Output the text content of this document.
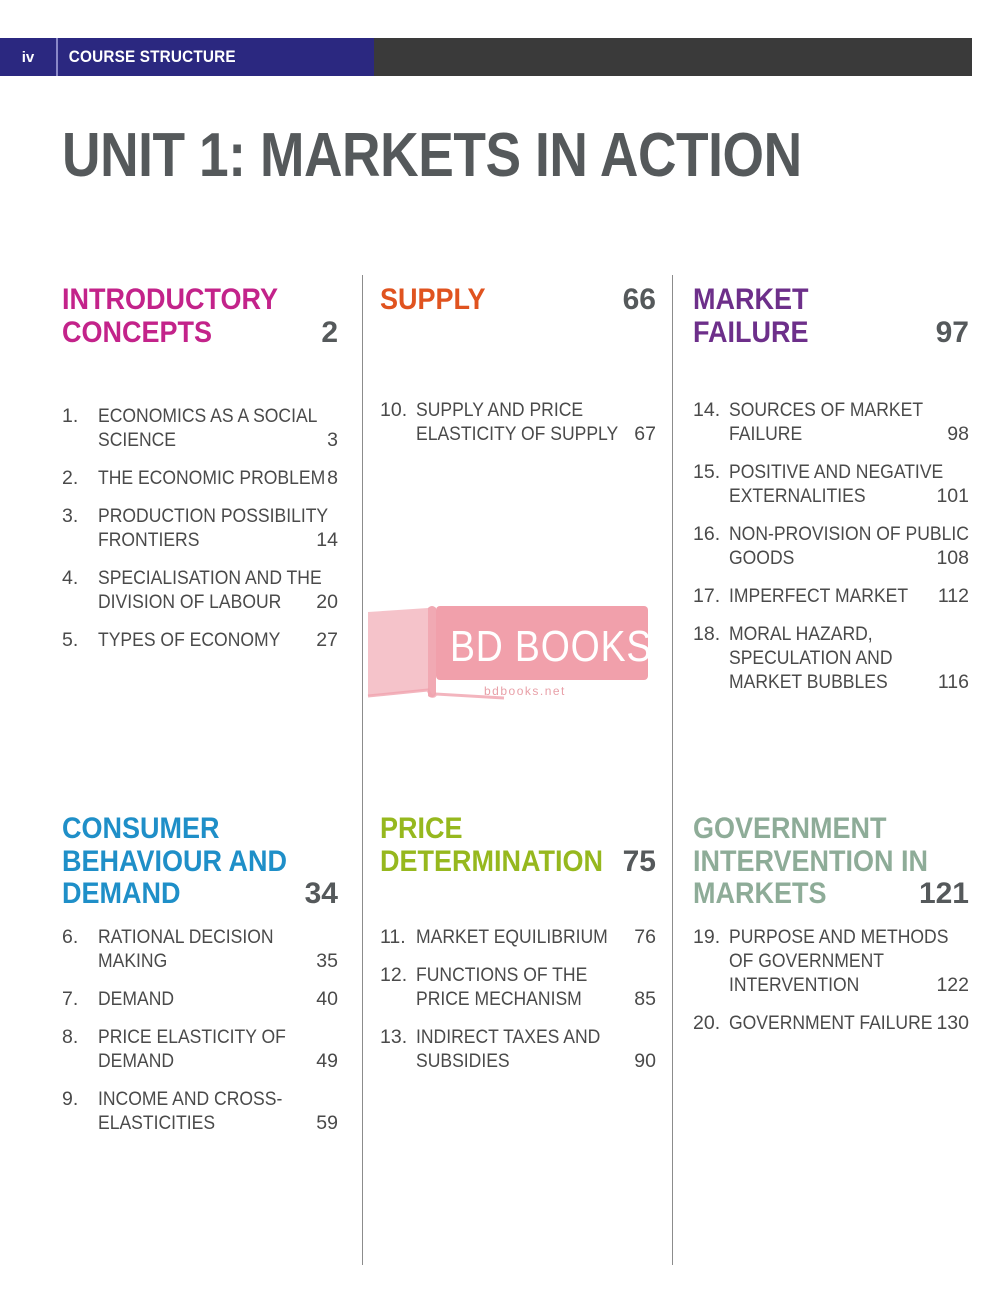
iv	COURSE STRUCTURE
UNIT 1: MARKETS IN ACTION
BD BOOKS
bdbooks.net
INTRODUCTORY
CONCEPTS	2
1. ECONOMICS AS A SOCIAL
SCIENCE	3
2. THE ECONOMIC PROBLEM 8
3. PRODUCTION POSSIBILITY
FRONTIERS	14
4. SPECIALISATION AND THE
DIVISION OF LABOUR 20
5. TYPES OF ECONOMY 27
SUPPLY	66
10. SUPPLY AND PRICE
ELASTICITY OF SUPPLY 67
MARKET
FAILURE	97
14. SOURCES OF MARKET
FAILURE	98
15. POSITIVE AND NEGATIVE
EXTERNALITIES	101
16. NON-PROVISION OF PUBLIC
GOODS	108
17. IMPERFECT MARKET 112
18. MORAL HAZARD,
SPECULATION AND
MARKET BUBBLES	116
CONSUMER
BEHAVIOUR AND
DEMAND	34
6. RATIONAL DECISION
MAKING	35
7. DEMAND	40
8. PRICE ELASTICITY OF
DEMAND	49
9. INCOME AND CROSS-
ELASTICITIES	59
PRICE
DETERMINATION 75
11. MARKET EQUILIBRIUM 76
12. FUNCTIONS OF THE
PRICE MECHANISM	85
13. INDIRECT TAXES AND
SUBSIDIES	90
GOVERNMENT
INTERVENTION IN
MARKETS	121
19. PURPOSE AND METHODS
OF GOVERNMENT
INTERVENTION	122
20. GOVERNMENT FAILURE 130
